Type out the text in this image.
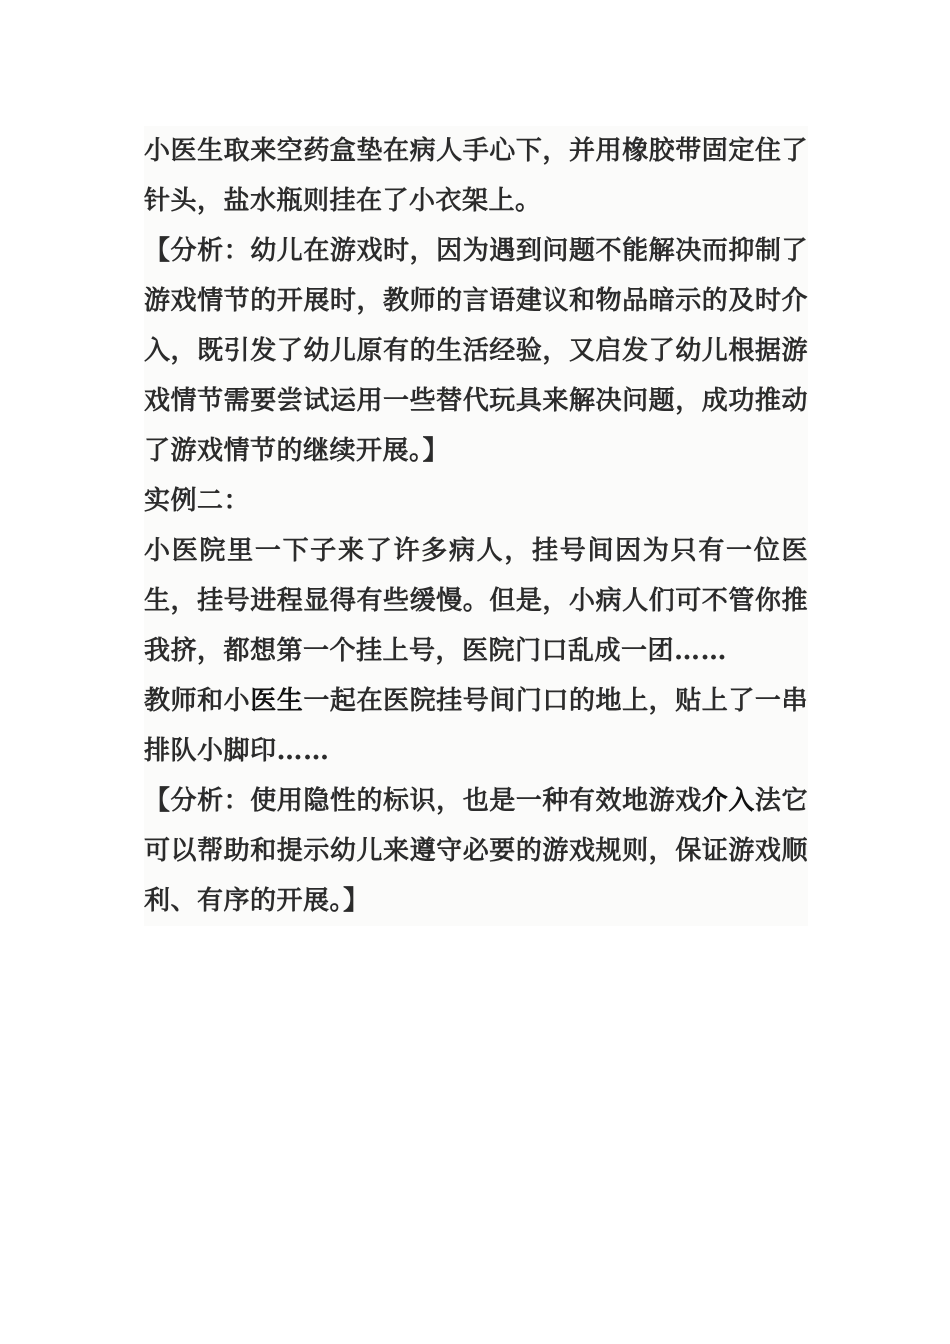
小医生取来空药盒垫在病人手心下，并用橡胶带固定住了针头，盐水瓶则挂在了小衣架上。

【分析：幼儿在游戏时，因为遇到问题不能解决而抑制了游戏情节的开展时，教师的言语建议和物品暗示的及时介入，既引发了幼儿原有的生活经验，又启发了幼儿根据游戏情节需要尝试运用一些替代玩具来解决问题，成功推动了游戏情节的继续开展。】

实例二：

小医院里一下子来了许多病人，挂号间因为只有一位医生，挂号进程显得有些缓慢。但是，小病人们可不管你推我挤，都想第一个挂上号，医院门口乱成一团……

教师和小医生一起在医院挂号间门口的地上，贴上了一串排队小脚印……

【分析：使用隐性的标识，也是一种有效地游戏介入法它可以帮助和提示幼儿来遵守必要的游戏规则，保证游戏顺利、有序的开展。】
